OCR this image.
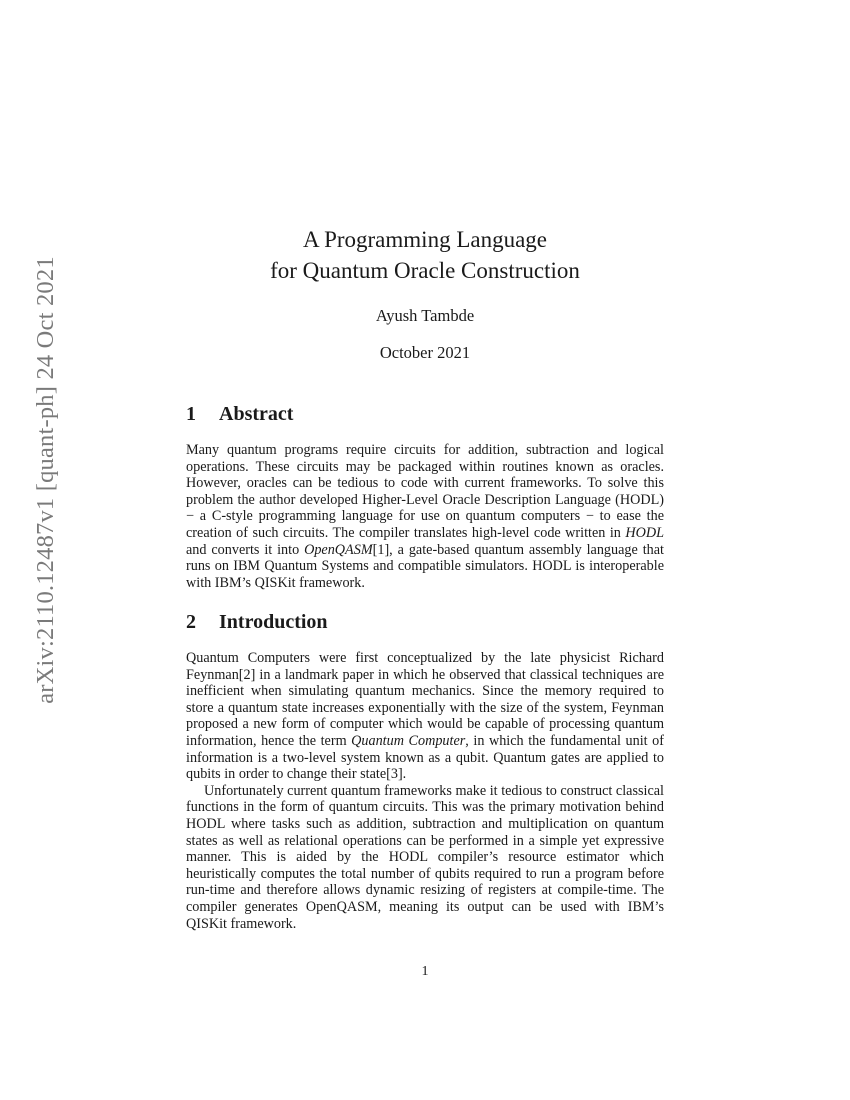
arXiv:2110.12487v1 [quant-ph] 24 Oct 2021
A Programming Language
for Quantum Oracle Construction
Ayush Tambde
October 2021
1	Abstract

Many quantum programs require circuits for addition, subtraction and logical operations. These circuits may be packaged within routines known as oracles. However, oracles can be tedious to code with current frameworks. To solve this problem the author developed Higher-Level Oracle Description Language (HODL) − a C-style programming language for use on quantum computers − to ease the creation of such circuits. The compiler translates high-level code written in HODL and converts it into OpenQASM[1], a gate-based quantum assembly language that runs on IBM Quantum Systems and compatible simulators. HODL is interoperable with IBM’s QISKit framework.

2	Introduction

Quantum Computers were first conceptualized by the late physicist Richard Feynman[2] in a landmark paper in which he observed that classical techniques are inefficient when simulating quantum mechanics. Since the memory required to store a quantum state increases exponentially with the size of the system, Feynman proposed a new form of computer which would be capable of processing quantum information, hence the term Quantum Computer, in which the fundamental unit of information is a two-level system known as a qubit. Quantum gates are applied to qubits in order to change their state[3].

Unfortunately current quantum frameworks make it tedious to construct classical functions in the form of quantum circuits. This was the primary motivation behind HODL where tasks such as addition, subtraction and multiplication on quantum states as well as relational operations can be performed in a simple yet expressive manner. This is aided by the HODL compiler’s resource estimator which heuristically computes the total number of qubits required to run a program before run-time and therefore allows dynamic resizing of registers at compile-time. The compiler generates OpenQASM, meaning its output can be used with IBM’s QISKit framework.

1
